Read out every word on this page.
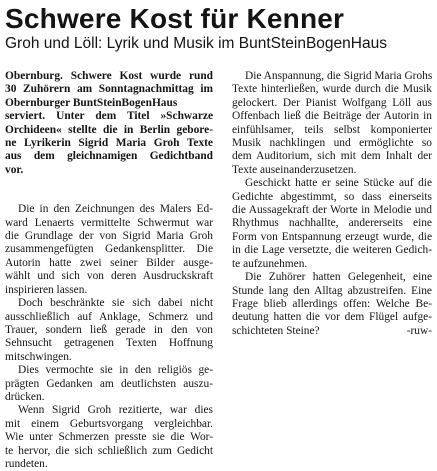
Schwere Kost für Kenner
Groh und Löll: Lyrik und Musik im BuntSteinBogenHaus
Obernburg. Schwere Kost wurde rund
30 Zuhörern am Sonntagnachmittag im
Obernburger BuntSteinBogenHaus
serviert. Unter dem Titel »Schwarze
Orchideen« stellte die in Berlin gebore-
ne Lyrikerin Sigrid Maria Groh Texte
aus dem gleichnamigen Gedichtband
vor.

Die in den Zeichnungen des Malers Ed-
ward Lenaerts vermittelte Schwermut war
die Grundlage der von Sigrid Maria Groh
zusammengefügten Gedankensplitter. Die
Autorin hatte zwei seiner Bilder ausge-
wählt und sich von deren Ausdruckskraft
inspirieren lassen.

Doch beschränkte sie sich dabei nicht
ausschließlich auf Anklage, Schmerz und
Trauer, sondern ließ gerade in den von
Sehnsucht getragenen Texten Hoffnung
mitschwingen.

Dies vermochte sie in den religiös ge-
prägten Gedanken am deutlichsten auszu-
drücken.

Wenn Sigrid Groh rezitierte, war dies
mit einem Geburtsvorgang vergleichbar.
Wie unter Schmerzen presste sie die Wor-
te hervor, die sich schließlich zum Gedicht
rundeten.

Die Anspannung, die Sigrid Maria Grohs
Texte hinterließen, wurde durch die Musik
gelockert. Der Pianist Wolfgang Löll aus
Offenbach ließ die Beiträge der Autorin in
einfühlsamer, teils selbst komponierter
Musik nachklingen und ermöglichte so
dem Auditorium, sich mit dem Inhalt der
Texte auseinanderzusetzen.

Geschickt hatte er seine Stücke auf die
Gedichte abgestimmt, so dass einerseits
die Aussagekraft der Worte in Melodie und
Rhythmus nachhallte, andererseits eine
Form von Entspannung erzeugt wurde, die
in die Lage versetzte, die weiteren Gedich-
te aufzunehmen.

Die Zuhörer hatten Gelegenheit, eine
Stunde lang den Alltag abzustreifen. Eine
Frage blieb allerdings offen: Welche Be-
deutung hatten die vor dem Flügel aufge-
schichteten Steine?	-ruw-
